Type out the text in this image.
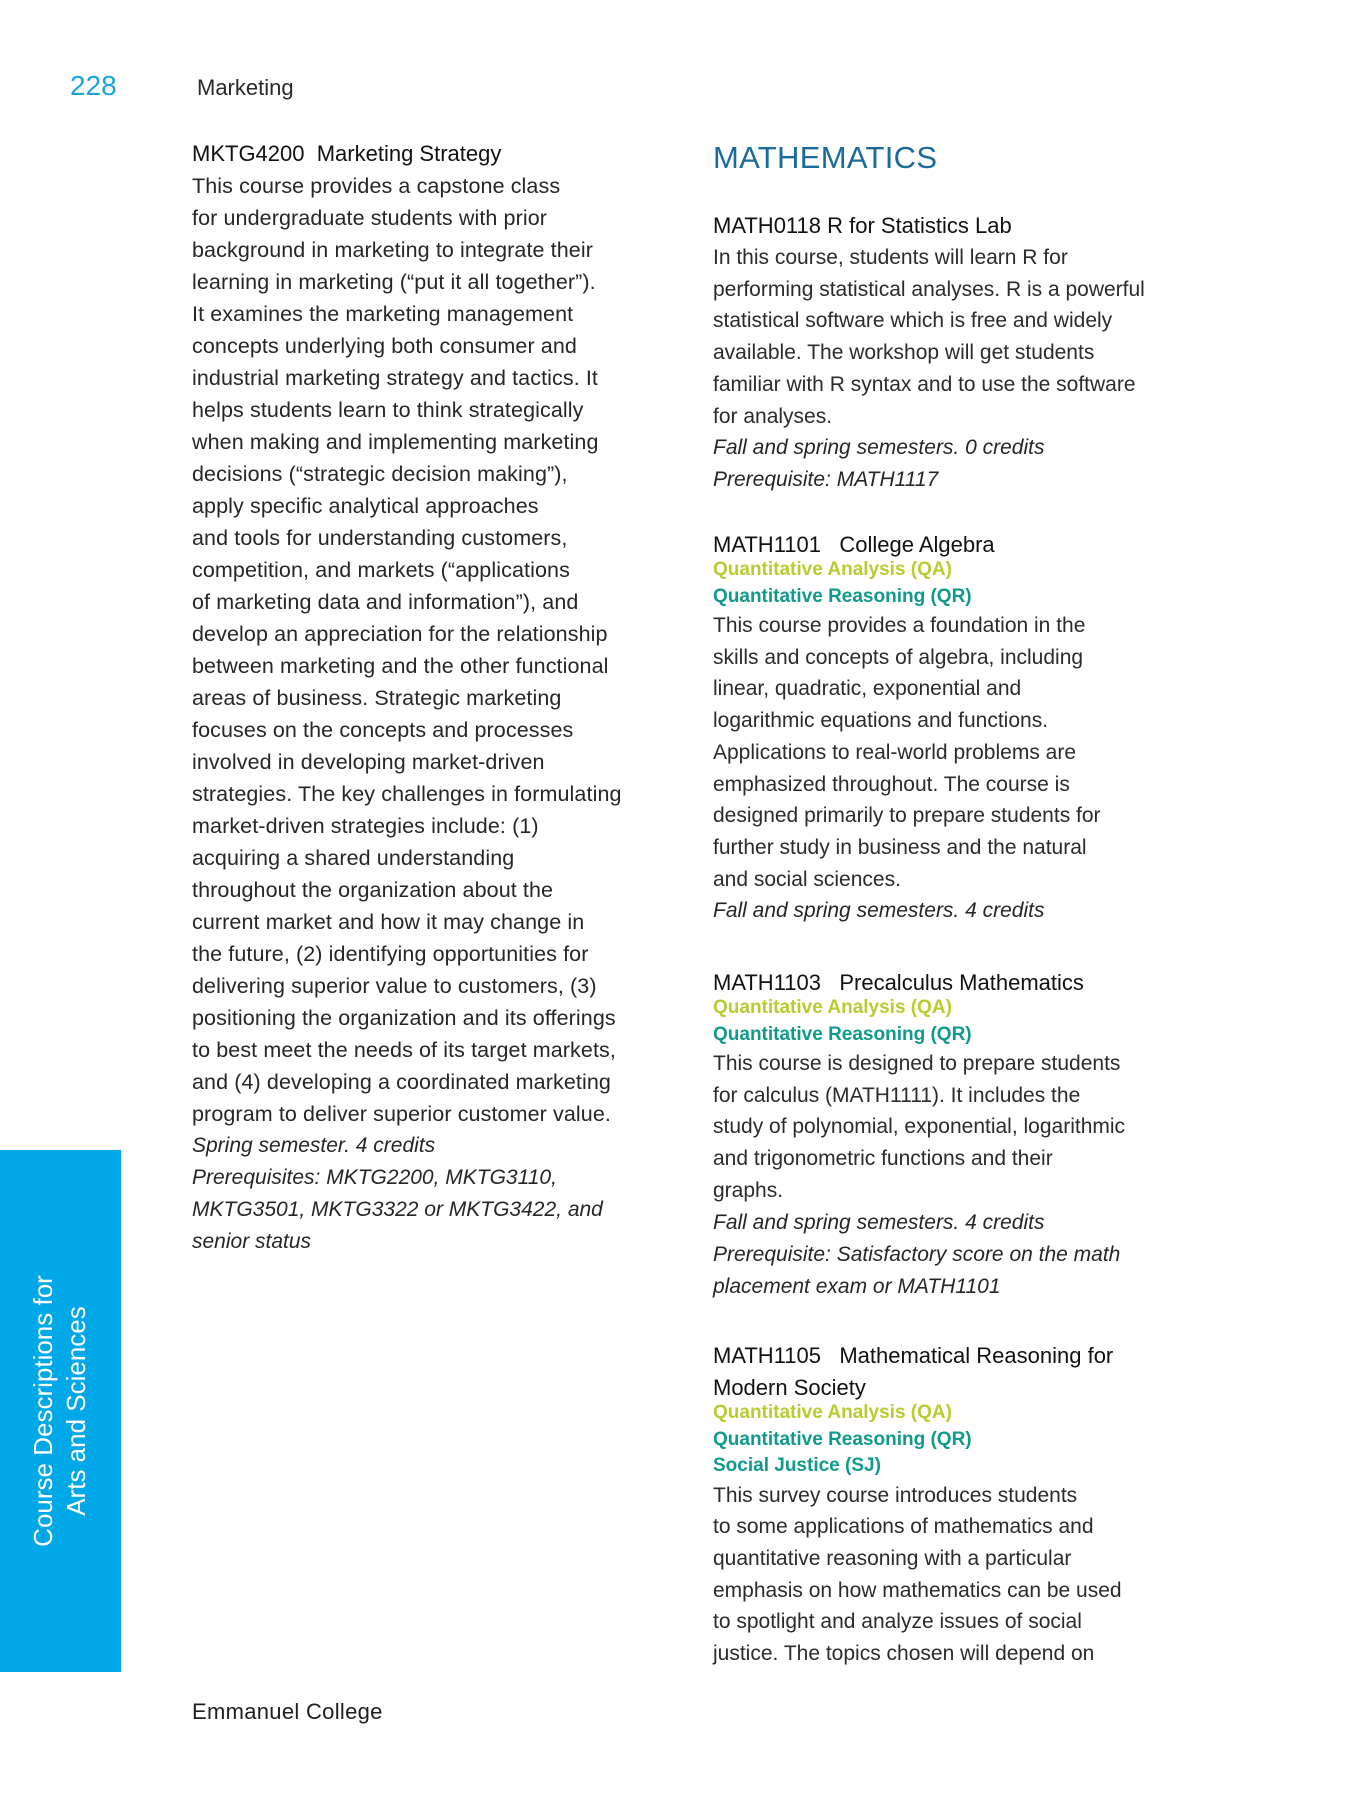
228	Marketing
MKTG4200  Marketing Strategy
This course provides a capstone class
for undergraduate students with prior
background in marketing to integrate their
learning in marketing (“put it all together”).
It examines the marketing management
concepts underlying both consumer and
industrial marketing strategy and tactics. It
helps students learn to think strategically
when making and implementing marketing
decisions (“strategic decision making”),
apply specific analytical approaches
and tools for understanding customers,
competition, and markets (“applications
of marketing data and information”), and
develop an appreciation for the relationship
between marketing and the other functional
areas of business. Strategic marketing
focuses on the concepts and processes
involved in developing market-driven
strategies. The key challenges in formulating
market-driven strategies include: (1)
acquiring a shared understanding
throughout the organization about the
current market and how it may change in
the future, (2) identifying opportunities for
delivering superior value to customers, (3)
positioning the organization and its offerings
to best meet the needs of its target markets,
and (4) developing a coordinated marketing
program to deliver superior customer value.
Spring semester. 4 credits
Prerequisites: MKTG2200, MKTG3110,
MKTG3501, MKTG3322 or MKTG3422, and
senior status
MATHEMATICS
MATH0118 R for Statistics Lab
In this course, students will learn R for
performing statistical analyses. R is a powerful
statistical software which is free and widely
available. The workshop will get students
familiar with R syntax and to use the software
for analyses.
Fall and spring semesters. 0 credits
Prerequisite: MATH1117
MATH1101   College Algebra
Quantitative Analysis (QA)
Quantitative Reasoning (QR)
This course provides a foundation in the
skills and concepts of algebra, including
linear, quadratic, exponential and
logarithmic equations and functions.
Applications to real-world problems are
emphasized throughout. The course is
designed primarily to prepare students for
further study in business and the natural
and social sciences.
Fall and spring semesters. 4 credits
MATH1103   Precalculus Mathematics
Quantitative Analysis (QA)
Quantitative Reasoning (QR)
This course is designed to prepare students
for calculus (MATH1111). It includes the
study of polynomial, exponential, logarithmic
and trigonometric functions and their
graphs.
Fall and spring semesters. 4 credits
Prerequisite: Satisfactory score on the math
placement exam or MATH1101
MATH1105   Mathematical Reasoning for
Modern Society
Quantitative Analysis (QA)
Quantitative Reasoning (QR)
Social Justice (SJ)
This survey course introduces students
to some applications of mathematics and
quantitative reasoning with a particular
emphasis on how mathematics can be used
to spotlight and analyze issues of social
justice. The topics chosen will depend on
Course Descriptions for Arts and Sciences
Emmanuel College
